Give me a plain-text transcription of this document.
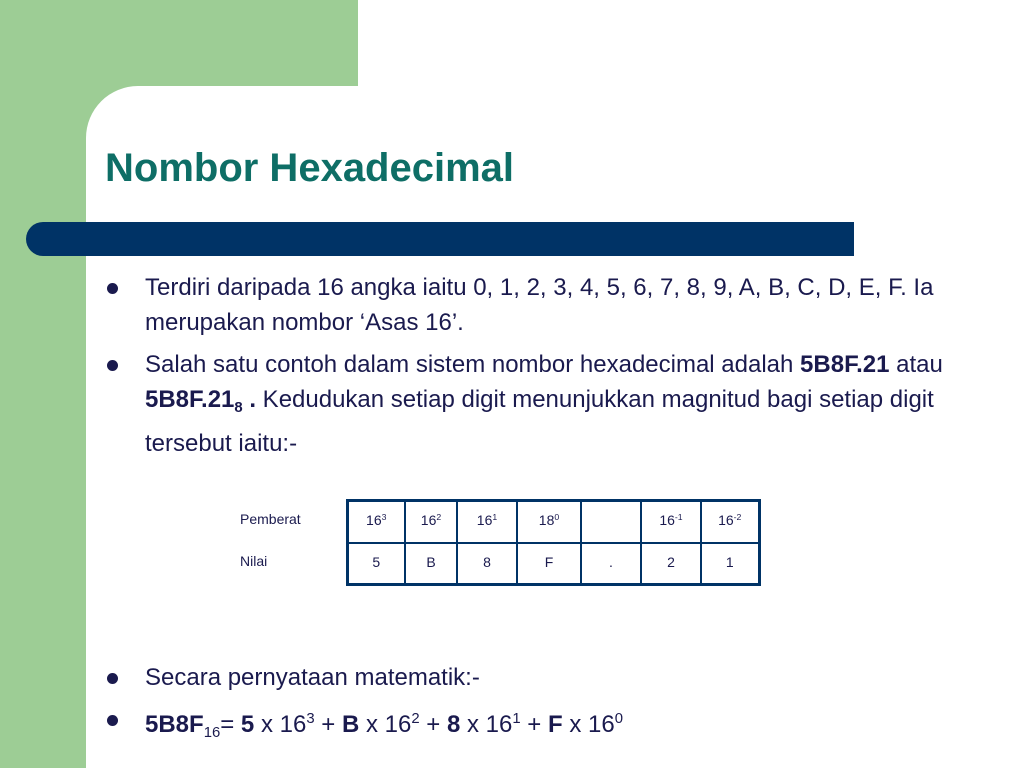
Nombor Hexadecimal
Terdiri daripada 16 angka iaitu 0, 1, 2, 3, 4, 5, 6, 7, 8, 9, A, B, C, D, E, F. Ia merupakan nombor ‘Asas 16’.
Salah satu contoh dalam sistem nombor hexadecimal adalah 5B8F.21 atau $5B8F.21_8$ . Kedudukan setiap digit menunjukkan magnitud bagi setiap digit tersebut iaitu:-
Pemberat	$16^3$	$16^2$	$16^1$	$18^0$		$16^{-1}$	$16^{-2}$
Nilai	5	B	8	F	.	2	1
Secara pernyataan matematik:-
$5B8F_{16}= 5$ x $16^3 + B$ x $16^2 + 8$ x $16^1 + F$ x $16^0$
